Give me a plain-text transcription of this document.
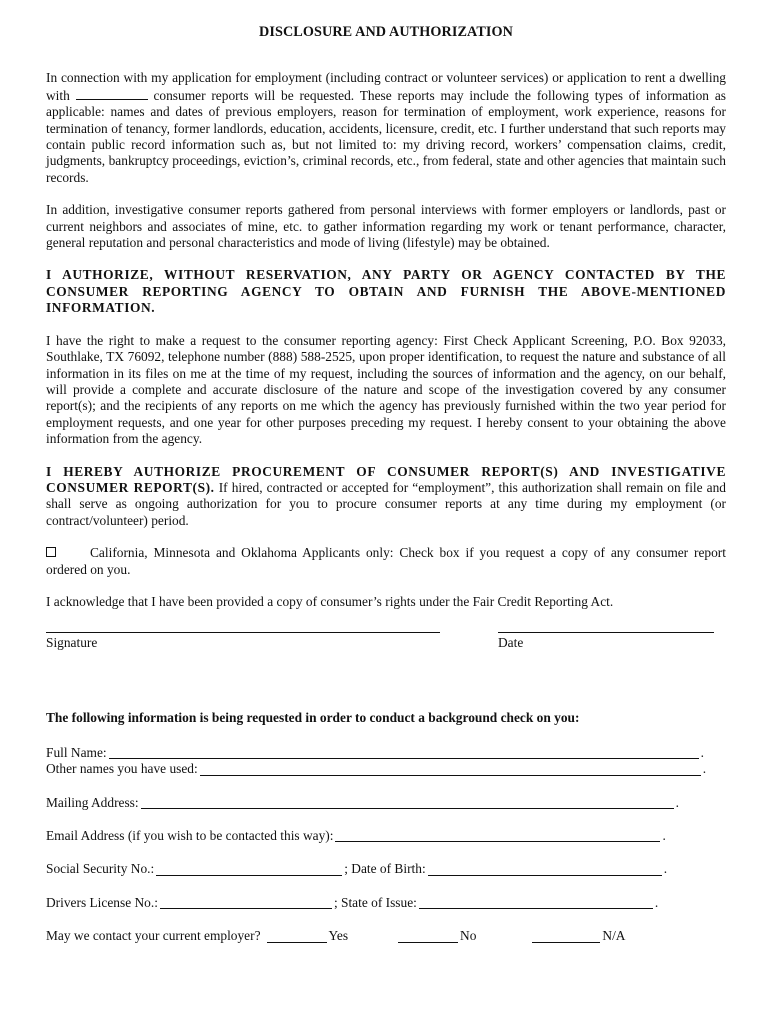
DISCLOSURE AND AUTHORIZATION

In connection with my application for employment (including contract or volunteer services) or application to rent a dwelling with	consumer reports will be requested. These reports may include the following types of information as applicable: names and dates of previous employers, reason for termination of employment, work experience, reasons for termination of tenancy, former landlords, education, accidents, licensure, credit, etc. I further understand that such reports may contain public record information such as, but not limited to: my driving record, workers’ compensation claims, credit, judgments, bankruptcy proceedings, eviction’s, criminal records, etc., from federal, state and other agencies that maintain such records.

In addition, investigative consumer reports gathered from personal interviews with former employers or landlords, past or current neighbors and associates of mine, etc. to gather information regarding my work or tenant performance, character, general reputation and personal characteristics and mode of living (lifestyle) may be obtained.

I AUTHORIZE, WITHOUT RESERVATION, ANY PARTY OR AGENCY CONTACTED BY THE CONSUMER REPORTING AGENCY TO OBTAIN AND FURNISH THE ABOVE-MENTIONED INFORMATION.

I have the right to make a request to the consumer reporting agency: First Check Applicant Screening, P.O. Box 92033, Southlake, TX 76092, telephone number (888) 588-2525, upon proper identification, to request the nature and substance of all information in its files on me at the time of my request, including the sources of information and the agency, on our behalf, will provide a complete and accurate disclosure of the nature and scope of the investigation covered by any consumer report(s); and the recipients of any reports on me which the agency has previously furnished within the two year period for employment requests, and one year for other purposes preceding my request. I hereby consent to your obtaining the above information from the agency.

I HEREBY AUTHORIZE PROCUREMENT OF CONSUMER REPORT(S) AND INVESTIGATIVE CONSUMER REPORT(S). If hired, contracted or accepted for “employment”, this authorization shall remain on file and shall serve as ongoing authorization for you to procure consumer reports at any time during my employment (or contract/volunteer) period.

California, Minnesota and Oklahoma Applicants only: Check box if you request a copy of any consumer report ordered on you.

I acknowledge that I have been provided a copy of consumer’s rights under the Fair Credit Reporting Act.

Signature	Date

The following information is being requested in order to conduct a background check on you:

Full Name:	.
Other names you have used:	.
Mailing Address:	.
Email Address (if you wish to be contacted this way):	.
Social Security No.:	; Date of Birth:	.
Drivers License No.:	; State of Issue:	.
May we contact your current employer?	Yes	No	N/A
